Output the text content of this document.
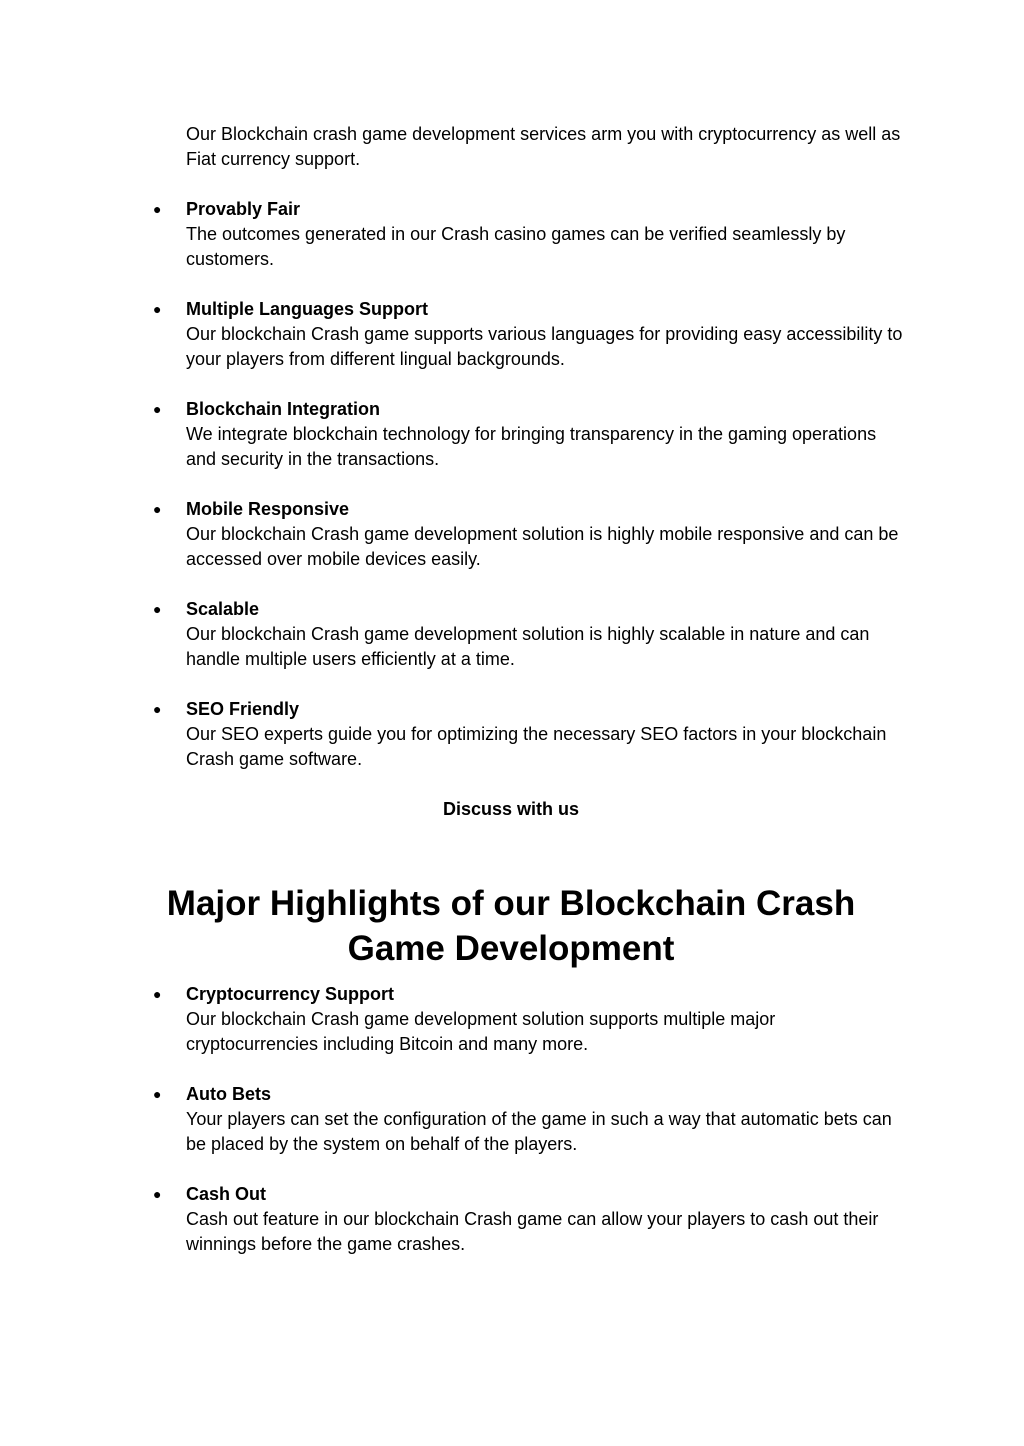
Our Blockchain crash game development services arm you with cryptocurrency as well as Fiat currency support.

● Provably Fair
The outcomes generated in our Crash casino games can be verified seamlessly by customers.
● Multiple Languages Support
Our blockchain Crash game supports various languages for providing easy accessibility to your players from different lingual backgrounds.
● Blockchain Integration
We integrate blockchain technology for bringing transparency in the gaming operations and security in the transactions.
● Mobile Responsive
Our blockchain Crash game development solution is highly mobile responsive and can be accessed over mobile devices easily.
● Scalable
Our blockchain Crash game development solution is highly scalable in nature and can handle multiple users efficiently at a time.
● SEO Friendly
Our SEO experts guide you for optimizing the necessary SEO factors in your blockchain Crash game software.
Discuss with us
Major Highlights of our Blockchain Crash Game Development
● Cryptocurrency Support
Our blockchain Crash game development solution supports multiple major cryptocurrencies including Bitcoin and many more.
● Auto Bets
Your players can set the configuration of the game in such a way that automatic bets can be placed by the system on behalf of the players.
● Cash Out
Cash out feature in our blockchain Crash game can allow your players to cash out their winnings before the game crashes.
